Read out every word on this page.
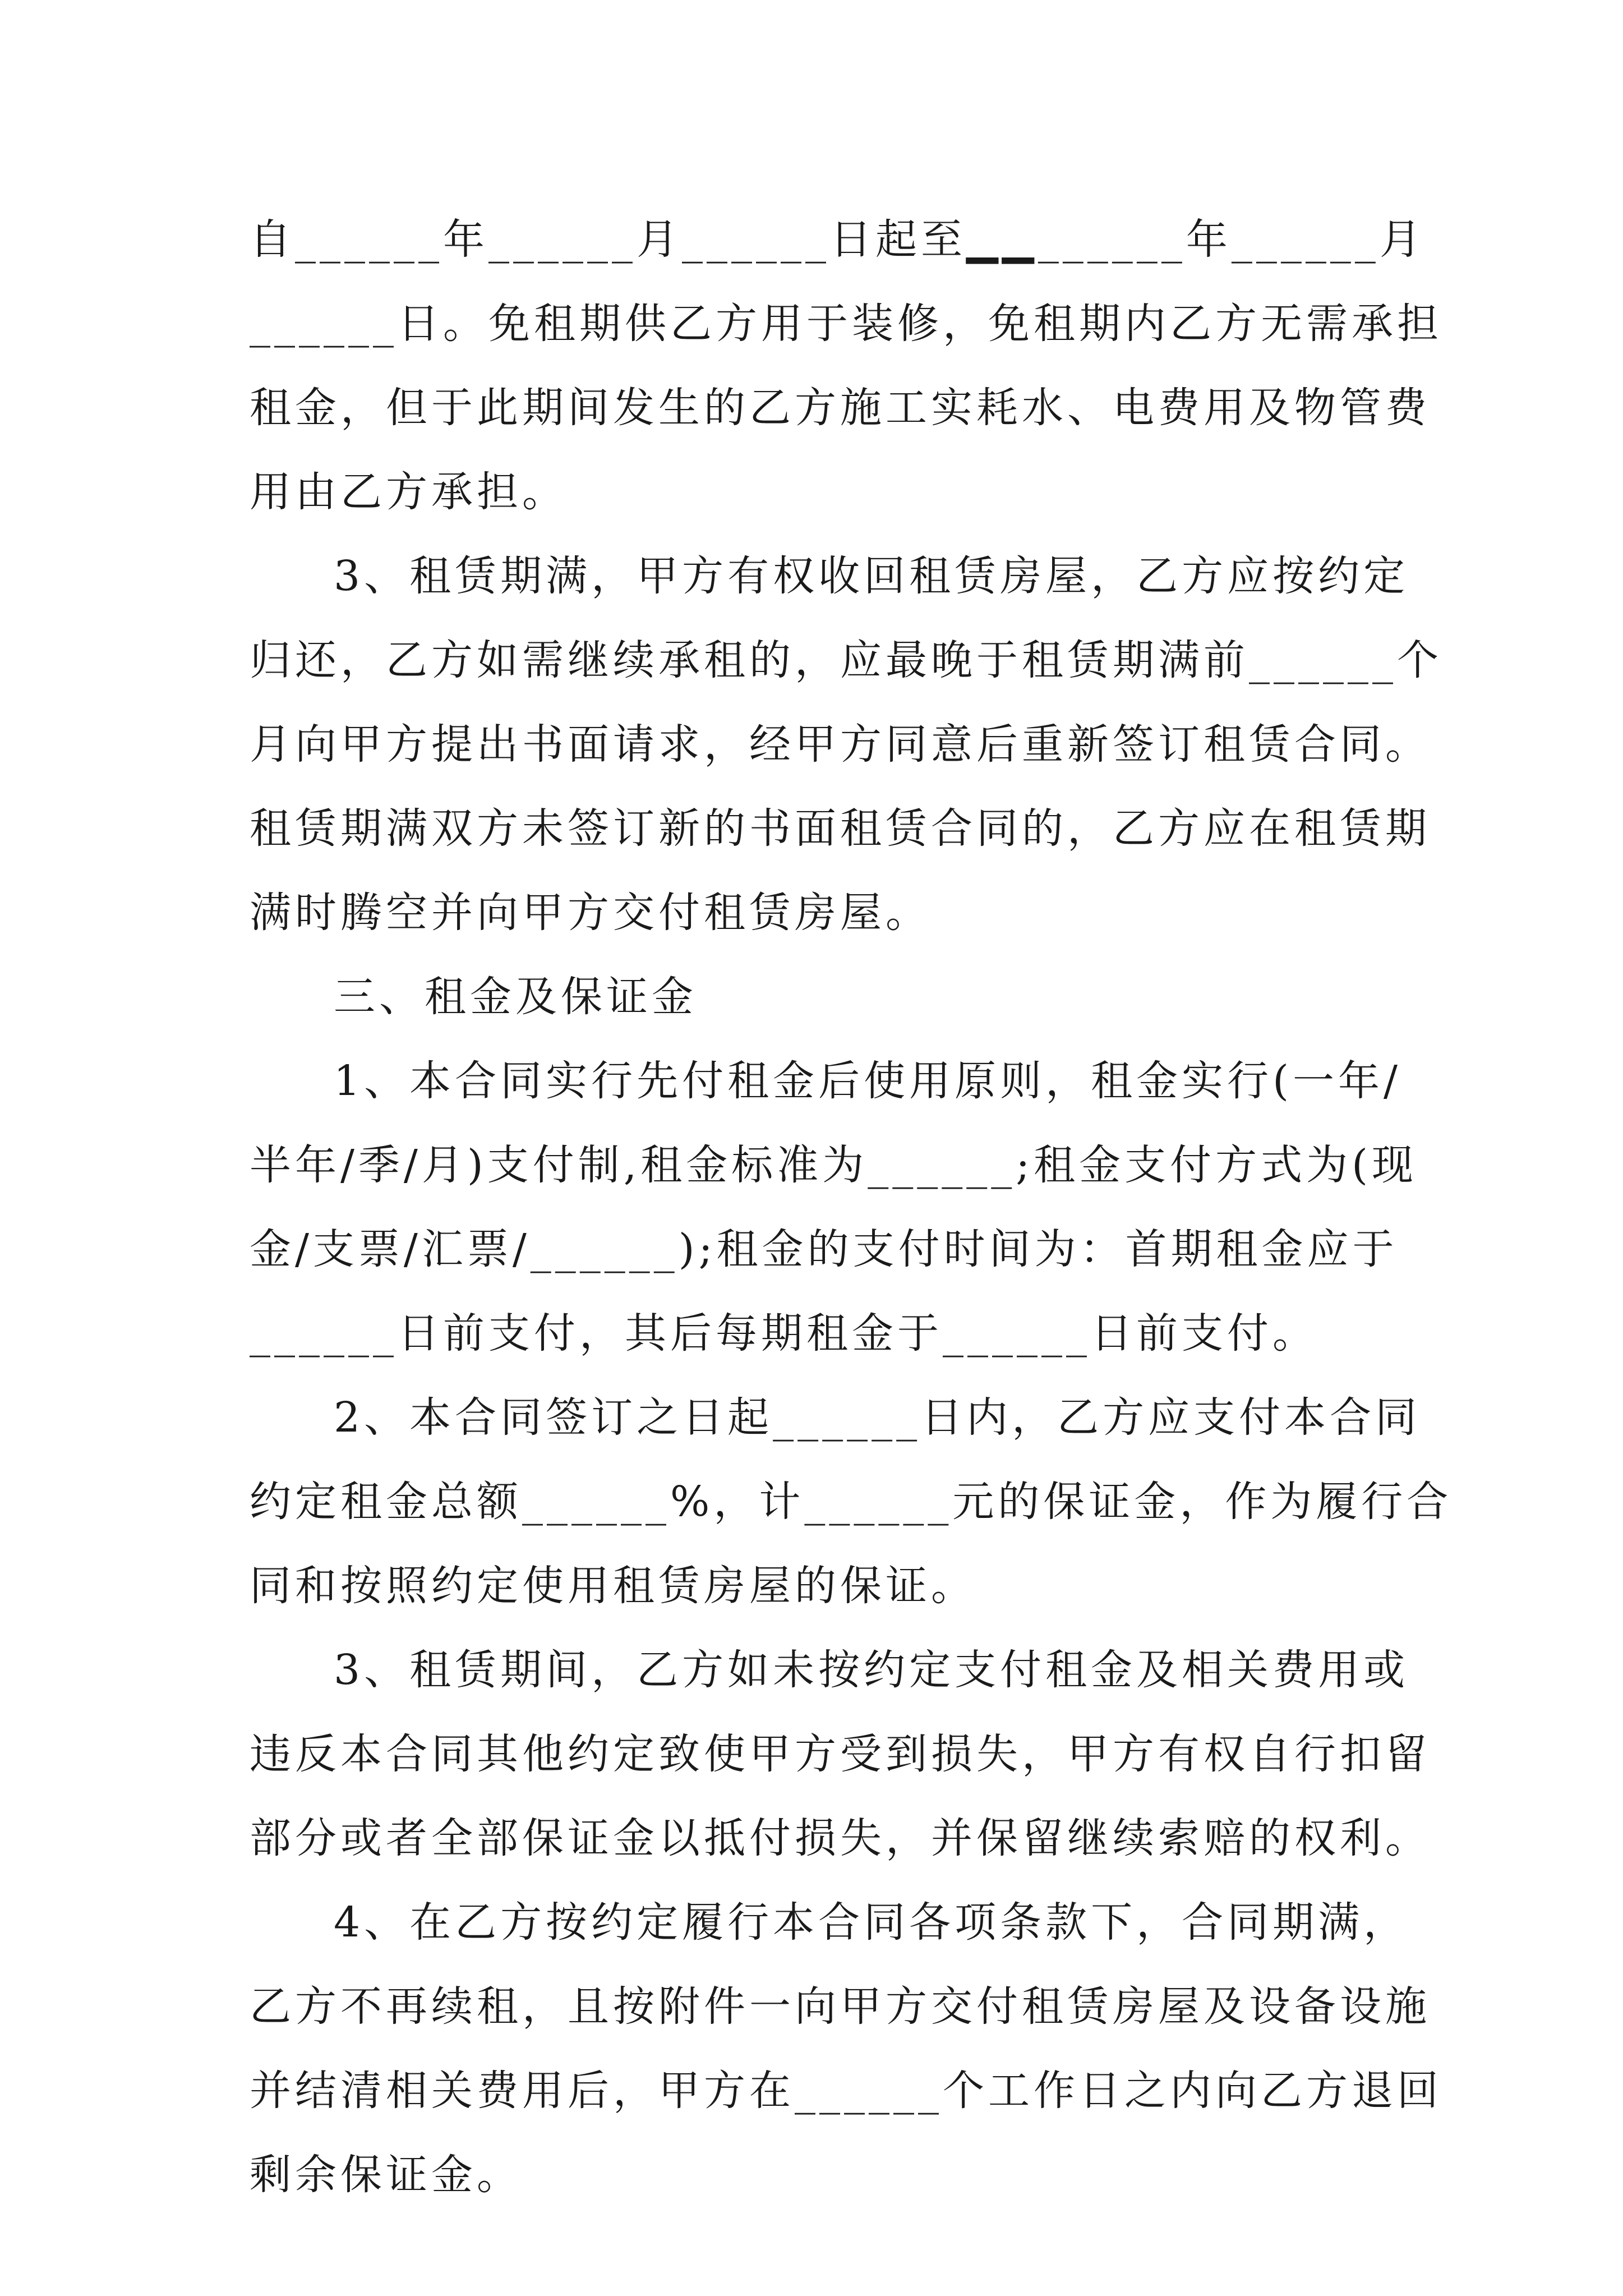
自______年______月______日起至▁▁______年______月
______日。免租期供乙方用于装修，免租期内乙方无需承担
租金，但于此期间发生的乙方施工实耗水、电费用及物管费
用由乙方承担。
3、租赁期满，甲方有权收回租赁房屋，乙方应按约定
归还，乙方如需继续承租的，应最晚于租赁期满前______个
月向甲方提出书面请求，经甲方同意后重新签订租赁合同。
租赁期满双方未签订新的书面租赁合同的，乙方应在租赁期
满时腾空并向甲方交付租赁房屋。
三、租金及保证金
1、本合同实行先付租金后使用原则，租金实行(一年/
半年/季/月)支付制,租金标准为______;租金支付方式为(现
金/支票/汇票/______);租金的支付时间为：首期租金应于
______日前支付，其后每期租金于______日前支付。
2、本合同签订之日起______日内，乙方应支付本合同
约定租金总额______%，计______元的保证金，作为履行合
同和按照约定使用租赁房屋的保证。
3、租赁期间，乙方如未按约定支付租金及相关费用或
违反本合同其他约定致使甲方受到损失，甲方有权自行扣留
部分或者全部保证金以抵付损失，并保留继续索赔的权利。
4、在乙方按约定履行本合同各项条款下，合同期满，
乙方不再续租，且按附件一向甲方交付租赁房屋及设备设施
并结清相关费用后，甲方在______个工作日之内向乙方退回
剩余保证金。
